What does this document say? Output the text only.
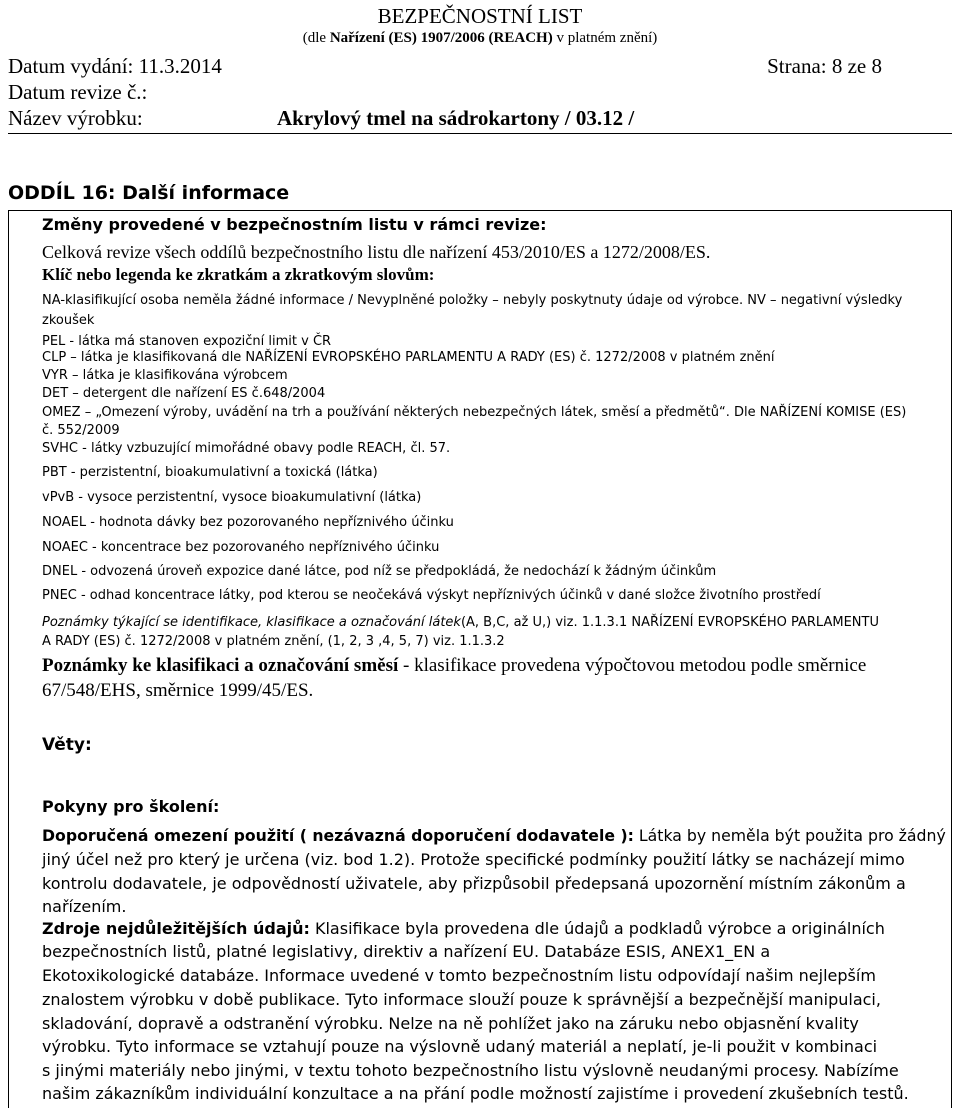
BEZPEČNOSTNÍ LIST
(dle Nařízení (ES) 1907/2006 (REACH) v platném znění)
Datum vydání: 11.3.2014	Strana: 8 ze 8
Datum revize č.:
Název výrobku:	Akrylový tmel na sádrokartony / 03.12 /
ODDÍL 16: Další informace
Změny provedené v bezpečnostním listu v rámci revize:
Celková revize všech oddílů bezpečnostního listu dle nařízení 453/2010/ES a 1272/2008/ES.
Klíč nebo legenda ke zkratkám a zkratkovým slovům:
NA-klasifikující osoba neměla žádné informace / Nevyplněné položky – nebyly poskytnuty údaje od výrobce. NV – negativní výsledky
zkoušek
PEL - látka má stanoven expoziční limit v ČR
CLP – látka je klasifikovaná dle NAŘÍZENÍ EVROPSKÉHO PARLAMENTU A RADY (ES) č. 1272/2008 v platném znění
VYR – látka je klasifikována výrobcem
DET – detergent dle nařízení ES č.648/2004
OMEZ – „Omezení výroby, uvádění na trh a používání některých nebezpečných látek, směsí a předmětů“. Dle NAŘÍZENÍ KOMISE (ES)
č. 552/2009
SVHC - látky vzbuzující mimořádné obavy podle REACH, čl. 57.
PBT - perzistentní, bioakumulativní a toxická (látka)
vPvB - vysoce perzistentní, vysoce bioakumulativní (látka)
NOAEL - hodnota dávky bez pozorovaného nepříznivého účinku
NOAEC - koncentrace bez pozorovaného nepříznivého účinku
DNEL - odvozená úroveň expozice dané látce, pod níž se předpokládá, že nedochází k žádným účinkům
PNEC - odhad koncentrace látky, pod kterou se neočekává výskyt nepříznivých účinků v dané složce životního prostředí
Poznámky týkající se identifikace, klasifikace a označování látek(A, B,C, až U,) viz. 1.1.3.1 NAŘÍZENÍ EVROPSKÉHO PARLAMENTU
A RADY (ES) č. 1272/2008 v platném znění, (1, 2, 3 ,4, 5, 7) viz. 1.1.3.2
Poznámky ke klasifikaci a označování směsí - klasifikace provedena výpočtovou metodou podle směrnice
67/548/EHS, směrnice 1999/45/ES.
Věty:
Pokyny pro školení:
Doporučená omezení použití ( nezávazná doporučení dodavatele ): Látka by neměla být použita pro žádný
jiný účel než pro který je určena (viz. bod 1.2). Protože specifické podmínky použití látky se nacházejí mimo
kontrolu dodavatele, je odpovědností uživatele, aby přizpůsobil předepsaná upozornění místním zákonům a
nařízením.
Zdroje nejdůležitějších údajů: Klasifikace byla provedena dle údajů a podkladů výrobce a originálních
bezpečnostních listů, platné legislativy, direktiv a nařízení EU. Databáze ESIS, ANEX1_EN a
Ekotoxikologické databáze. Informace uvedené v tomto bezpečnostním listu odpovídají našim nejlepším
znalostem výrobku v době publikace. Tyto informace slouží pouze k správnější a bezpečnější manipulaci,
skladování, dopravě a odstranění výrobku. Nelze na ně pohlížet jako na záruku nebo objasnění kvality
výrobku. Tyto informace se vztahují pouze na výslovně udaný materiál a neplatí, je-li použit v kombinaci
s jinými materiály nebo jinými, v textu tohoto bezpečnostního listu výslovně neudanými procesy. Nabízíme
našim zákazníkům individuální konzultace a na přání podle možností zajistíme i provedení zkušebních testů.
